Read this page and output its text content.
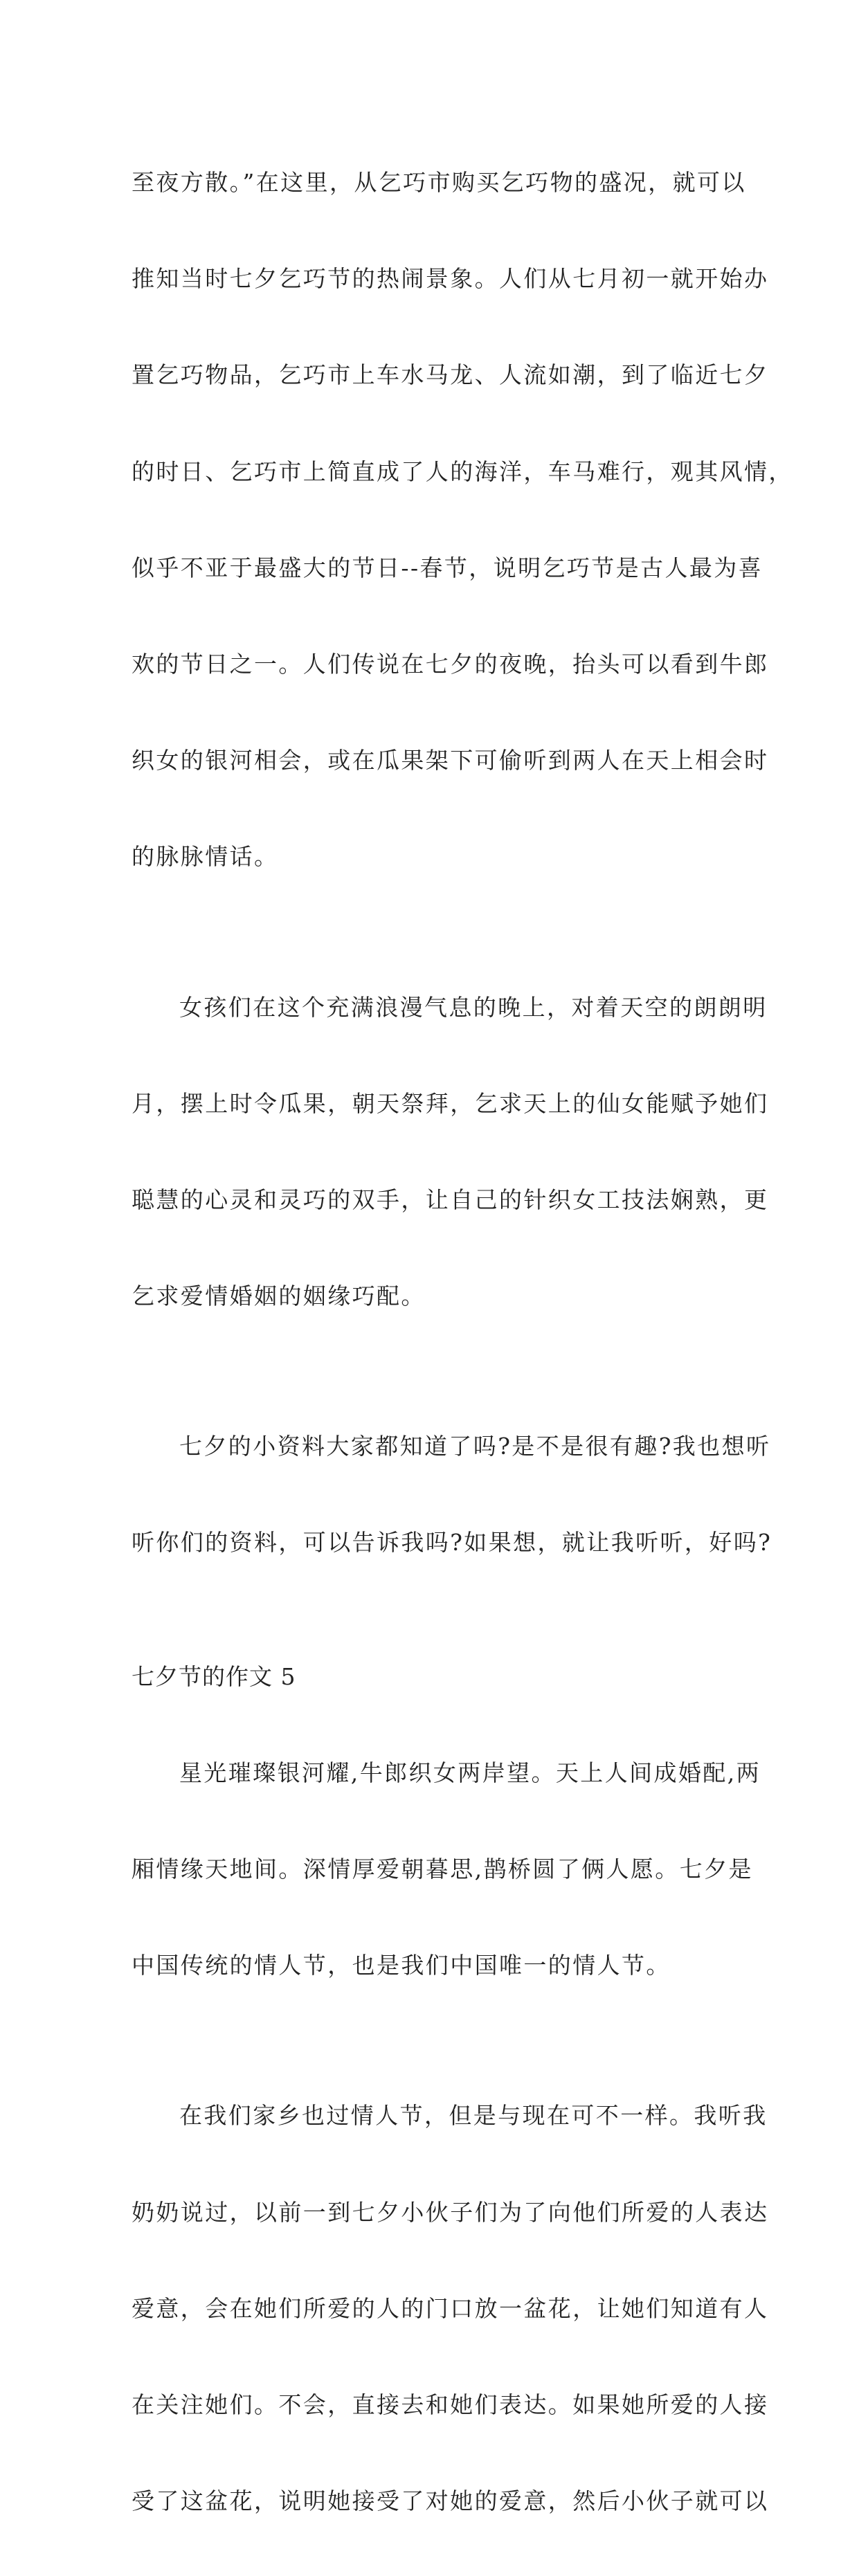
至夜方散。”在这里，从乞巧市购买乞巧物的盛况，就可以

推知当时七夕乞巧节的热闹景象。人们从七月初一就开始办

置乞巧物品，乞巧市上车水马龙、人流如潮，到了临近七夕

的时日、乞巧市上简直成了人的海洋，车马难行，观其风情，

似乎不亚于最盛大的节日--春节，说明乞巧节是古人最为喜

欢的节日之一。人们传说在七夕的夜晚，抬头可以看到牛郎

织女的银河相会，或在瓜果架下可偷听到两人在天上相会时

的脉脉情话。

女孩们在这个充满浪漫气息的晚上，对着天空的朗朗明

月，摆上时令瓜果，朝天祭拜，乞求天上的仙女能赋予她们

聪慧的心灵和灵巧的双手，让自己的针织女工技法娴熟，更

乞求爱情婚姻的姻缘巧配。

七夕的小资料大家都知道了吗?是不是很有趣?我也想听

听你们的资料，可以告诉我吗?如果想，就让我听听，好吗?

七夕节的作文 5

星光璀璨银河耀,牛郎织女两岸望。天上人间成婚配,两

厢情缘天地间。深情厚爱朝暮思,鹊桥圆了俩人愿。七夕是

中国传统的情人节，也是我们中国唯一的情人节。

在我们家乡也过情人节，但是与现在可不一样。我听我

奶奶说过，以前一到七夕小伙子们为了向他们所爱的人表达

爱意，会在她们所爱的人的门口放一盆花，让她们知道有人

在关注她们。不会，直接去和她们表达。如果她所爱的人接

受了这盆花，说明她接受了对她的爱意，然后小伙子就可以
